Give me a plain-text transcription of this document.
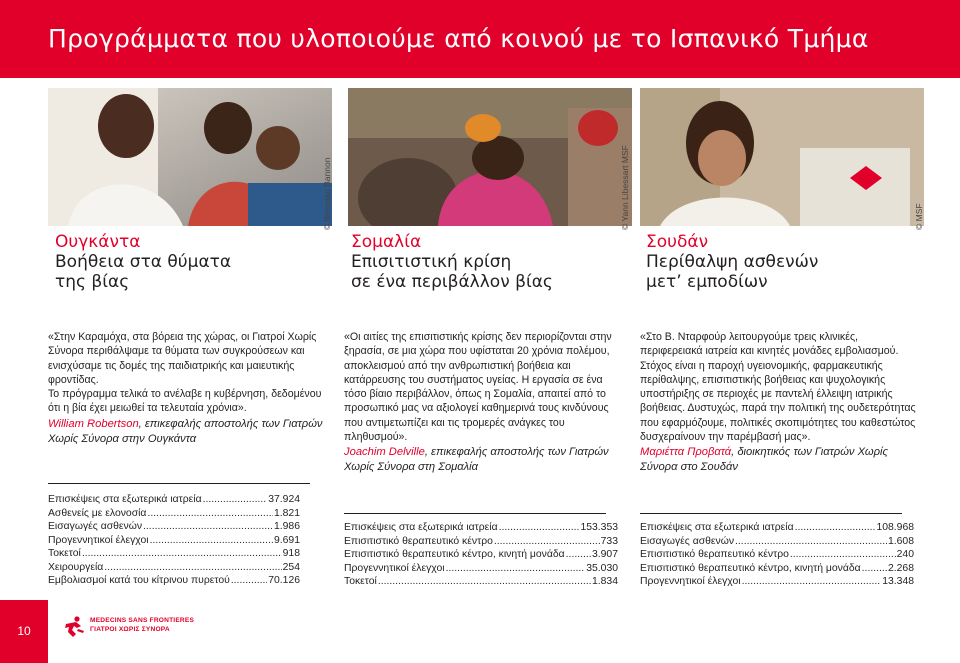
Προγράμματα που υλοποιούμε από κοινού με το Ισπανικό Τμήμα
© Brendan Bannon	© Yann Libessart MSF	© MSF
Ουγκάντα
Βοήθεια στα θύματα
της βίας
Σομαλία
Επισιτιστική κρίση
σε ένα περιβάλλον βίας
Σουδάν
Περίθαλψη ασθενών
μετ’ εμποδίων

«Στην Καραμόχα, στα βόρεια της χώρας, οι Γιατροί Χωρίς Σύνορα περιθάλψαμε τα θύματα των συγκρούσεων και ενισχύσαμε τις δομές της παιδιατρικής και μαιευτικής φροντίδας.

Το πρόγραμμα τελικά το ανέλαβε η κυβέρνηση, δεδομένου ότι η βία έχει μειωθεί τα τελευταία χρόνια».

William Robertson, επικεφαλής αποστολής των Γιατρών Χωρίς Σύνορα στην Ουγκάντα

Επισκέψεις στα εξωτερικά ιατρεία .....	37.924
Ασθενείς με ελονοσία .....	1.821
Εισαγωγές ασθενών .....	1.986
Προγεννητικοί έλεγχοι .....	9.691
Τοκετοί .....	918
Χειρουργεία .....	254
Εμβολιασμοί κατά του κίτρινου πυρετού .....	70.126

«Οι αιτίες της επισιτιστικής κρίσης δεν περιορίζονται στην ξηρασία, σε μια χώρα που υφίσταται 20 χρόνια πολέμου, αποκλεισμού από την ανθρωπιστική βοήθεια και κατάρρευσης του συστήματος υγείας. Η εργασία σε ένα τόσο βίαιο περιβάλλον, όπως η Σομαλία, απαιτεί από το προσωπικό μας να αξιολογεί καθημερινά τους κινδύνους που αντιμετωπίζει και τις τρομερές ανάγκες του πληθυσμού».

Joachim Delville, επικεφαλής αποστολής των Γιατρών Χωρίς Σύνορα στη Σομαλία

Επισκέψεις στα εξωτερικά ιατρεία .....	153.353
Επισιτιστικό θεραπευτικό κέντρο .....	733
Επισιτιστικό θεραπευτικό κέντρο, κινητή μονάδα .....	3.907
Προγεννητικοί έλεγχοι .....	35.030
Τοκετοί .....	1.834

«Στο Β. Νταρφούρ λειτουργούμε τρεις κλινικές, περιφερειακά ιατρεία και κινητές μονάδες εμβολιασμού. Στόχος είναι η παροχή υγειονομικής, φαρμακευτικής περίθαλψης, επισιτιστικής βοήθειας και ψυχολογικής υποστήριξης σε περιοχές με παντελή έλλειψη ιατρικής βοήθειας. Δυστυχώς, παρά την πολιτική της ουδετερότητας που εφαρμόζουμε, πολιτικές σκοπιμότητες του καθεστώτος δυσχεραίνουν την παρέμβασή μας».

Μαριέττα Προβατά, διοικητικός των Γιατρών Χωρίς Σύνορα στο Σουδάν

Επισκέψεις στα εξωτερικά ιατρεία .....	108.968
Εισαγωγές ασθενών .....	1.608
Επισιτιστικό θεραπευτικό κέντρο .....	240
Επισιτιστικό θεραπευτικό κέντρο, κινητή μονάδα .....	2.268
Προγεννητικοί έλεγχοι .....	13.348
10
MEDECINS SANS FRONTIERES
ΓΙΑΤΡΟΙ ΧΩΡΙΣ ΣΥΝΟΡΑ
